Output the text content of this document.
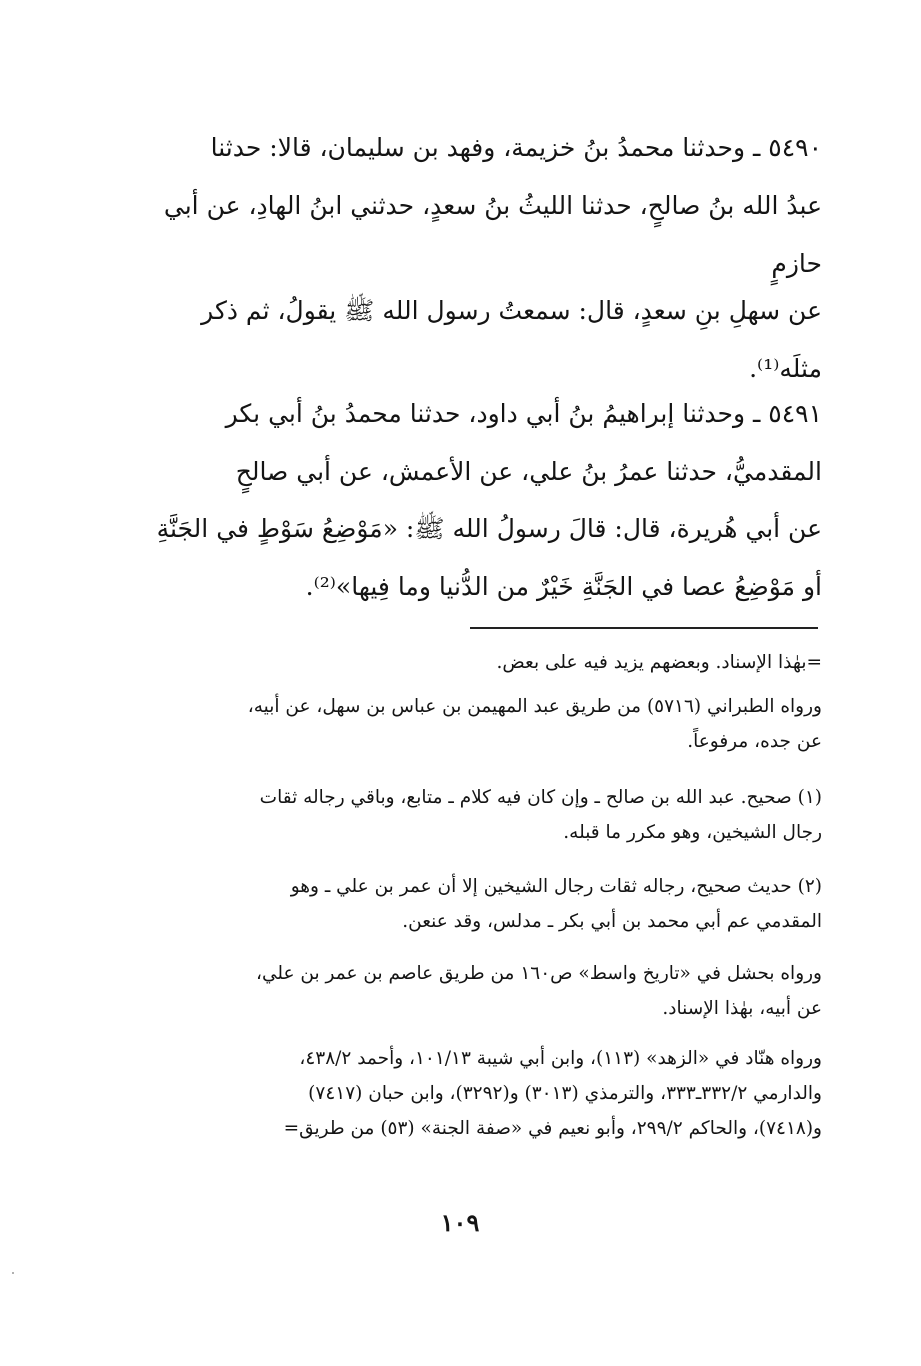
٥٤٩٠ ـ وحدثنا محمدُ بنُ خزيمة، وفهد بن سليمان، قالا: حدثنا
عبدُ الله بنُ صالحٍ، حدثنا الليثُ بنُ سعدٍ، حدثني ابنُ الهادِ، عن أبي
حازمٍ
عن سهلِ بنِ سعدٍ، قال: سمعتُ رسول الله ﷺ يقولُ، ثم ذكر
مثلَه⁽¹⁾.
٥٤٩١ ـ وحدثنا إبراهيمُ بنُ أبي داود، حدثنا محمدُ بنُ أبي بكر
المقدميُّ، حدثنا عمرُ بنُ علي، عن الأعمش، عن أبي صالحٍ
عن أبي هُريرة، قال: قالَ رسولُ الله ﷺ: «مَوْضِعُ سَوْطٍ في الجَنَّةِ
أو مَوْضِعُ عصا في الجَنَّةِ خَيْرٌ من الدُّنيا وما فِيها»⁽²⁾.
=بهٰذا الإسناد. وبعضهم يزيد فيه على بعض.
ورواه الطبراني (٥٧١٦) من طريق عبد المهيمن بن عباس بن سهل، عن أبيه،
عن جده، مرفوعاً.
(١) صحيح. عبد الله بن صالح ـ وإن كان فيه كلام ـ متابع، وباقي رجاله ثقات
رجال الشيخين، وهو مكرر ما قبله.
(٢) حديث صحيح، رجاله ثقات رجال الشيخين إلا أن عمر بن علي ـ وهو
المقدمي عم أبي محمد بن أبي بكر ـ مدلس، وقد عنعن.
ورواه بحشل في «تاريخ واسط» ص١٦٠ من طريق عاصم بن عمر بن علي،
عن أبيه، بهٰذا الإسناد.
ورواه هنّاد في «الزهد» (١١٣)، وابن أبي شيبة ١٠١/١٣، وأحمد ٤٣٨/٢،
والدارمي ٣٣٢/٢ـ٣٣٣، والترمذي (٣٠١٣) و(٣٢٩٢)، وابن حبان (٧٤١٧)
و(٧٤١٨)، والحاكم ٢٩٩/٢، وأبو نعيم في «صفة الجنة» (٥٣) من طريق=
١٠٩
